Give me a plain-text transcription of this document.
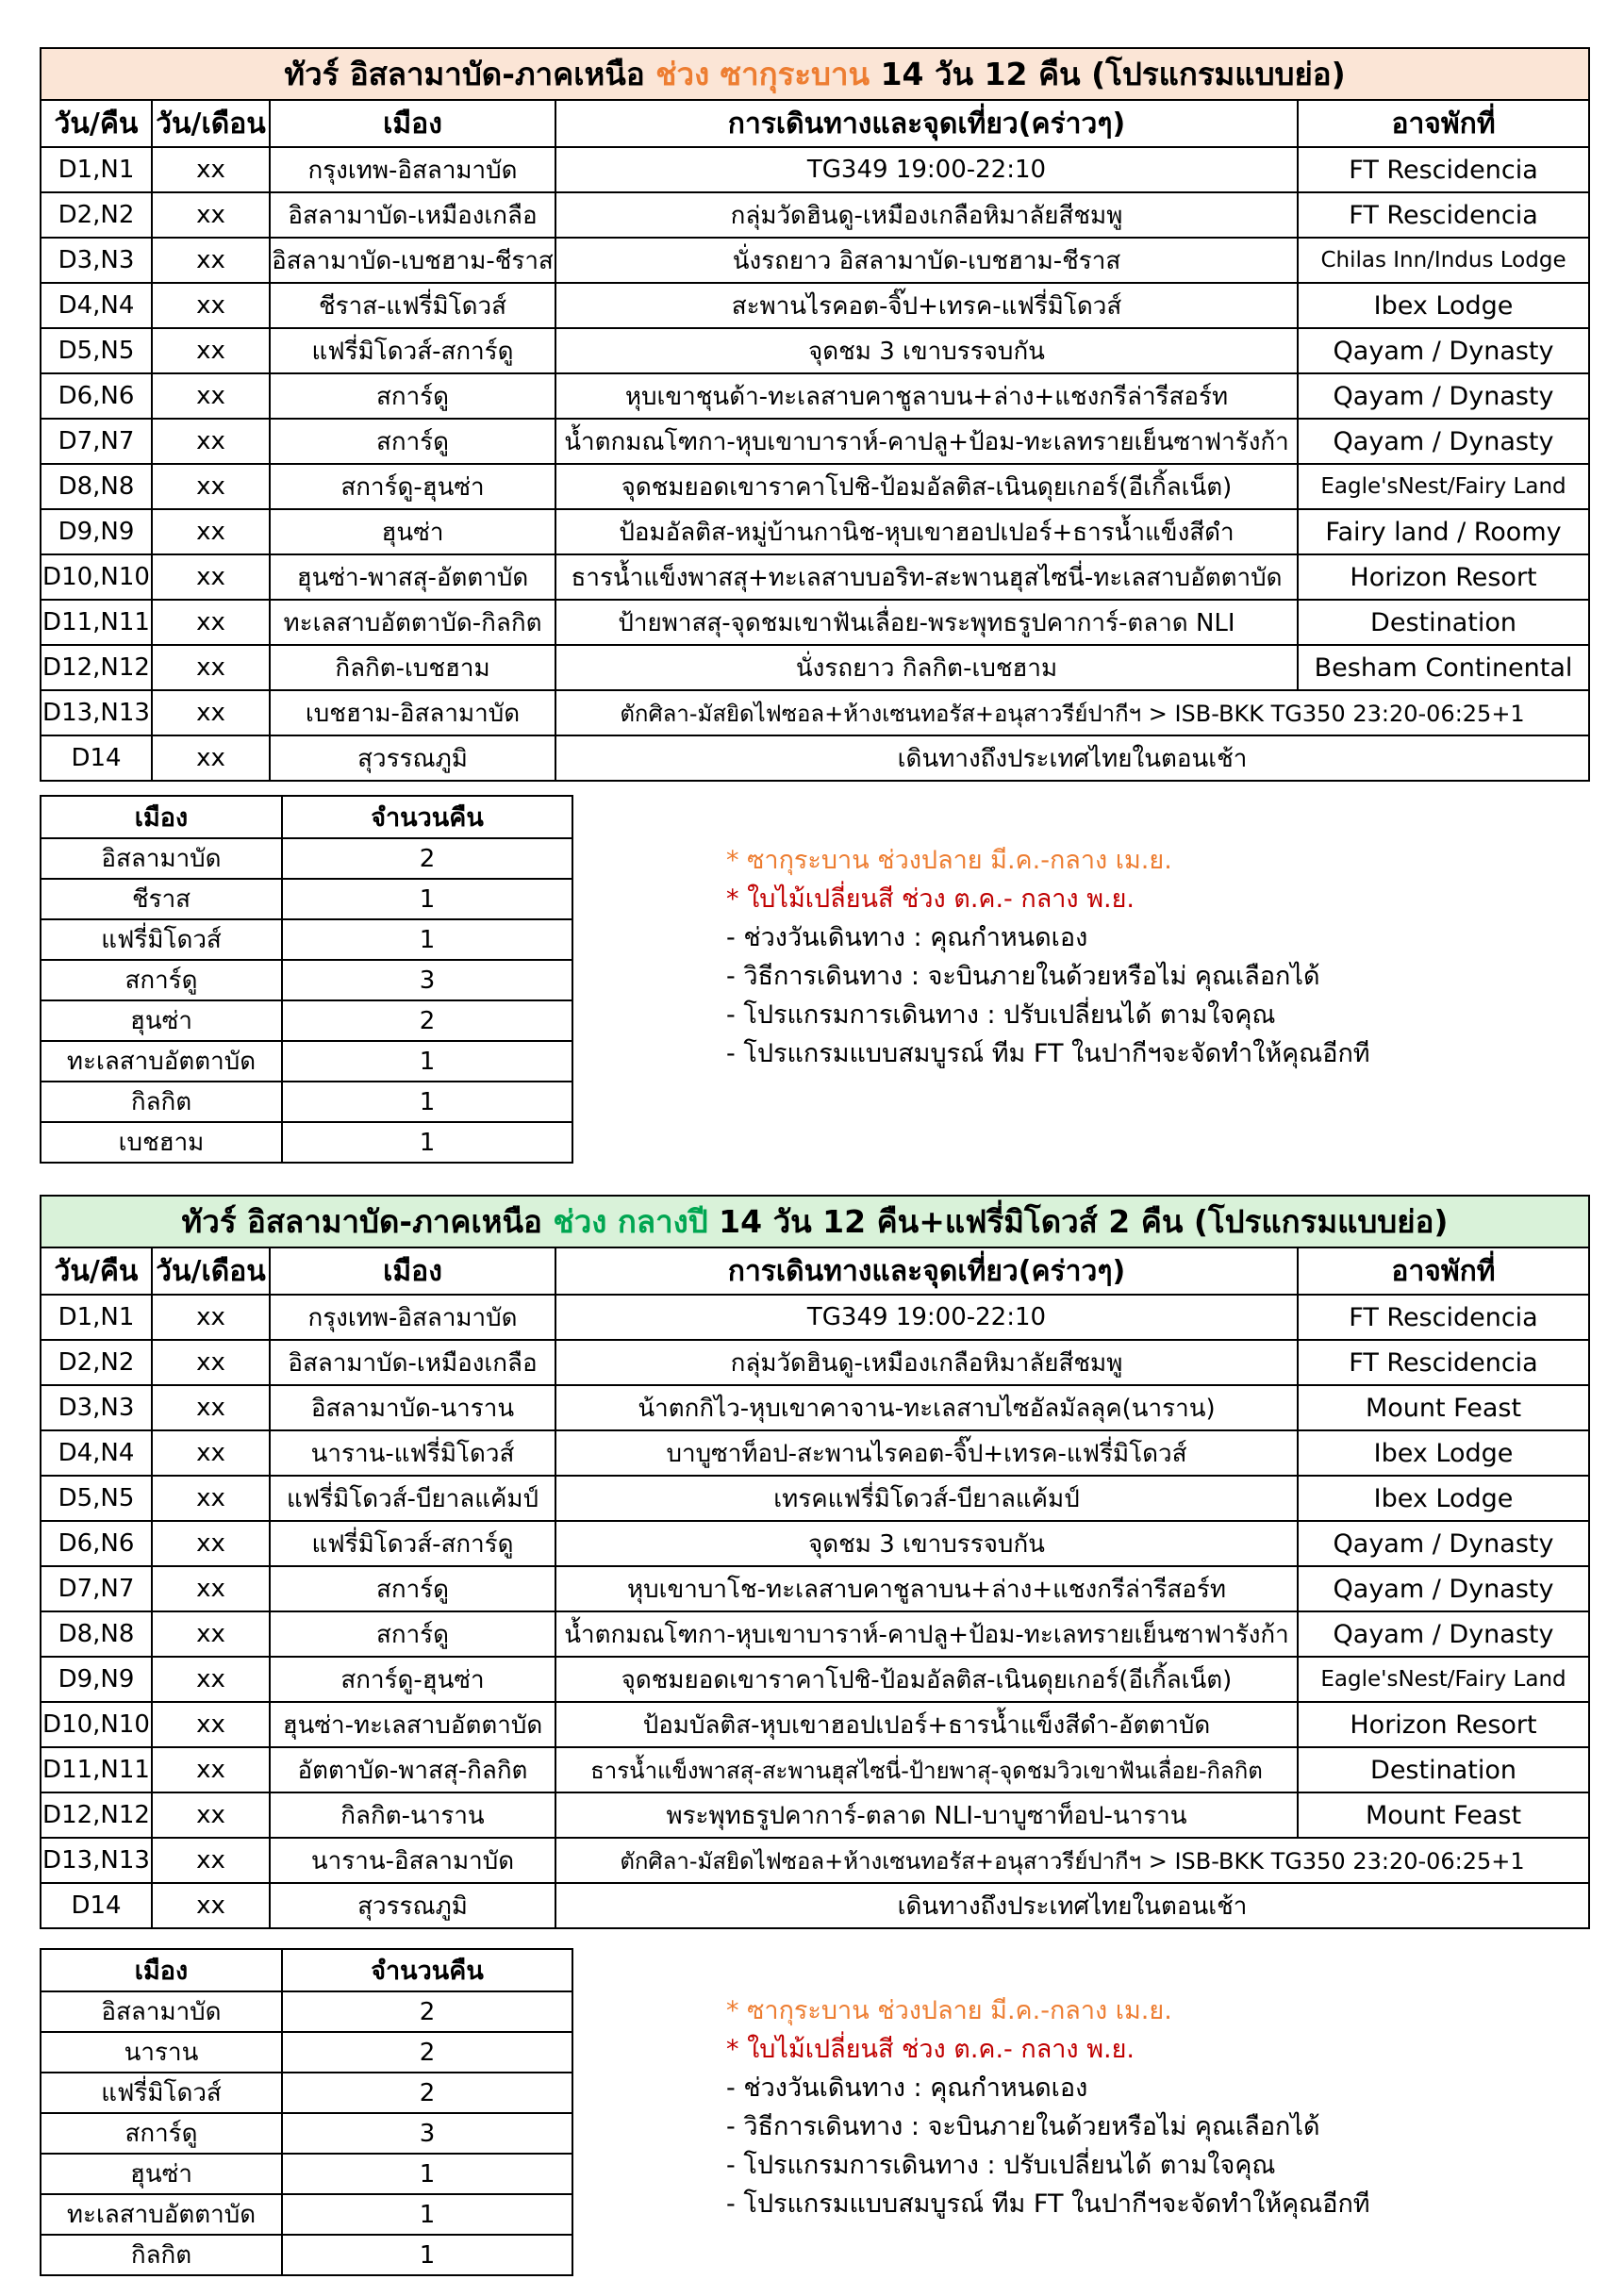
ทัวร์ อิสลามาบัด-ภาคเหนือ ช่วง ซากุระบาน 14 วัน 12 คืน (โปรแกรมแบบย่อ)				
วัน/คืน	วัน/เดือน	เมือง	การเดินทางและจุดเที่ยว(คร่าวๆ)	อาจพักที่
D1,N1	xx	กรุงเทพ-อิสลามาบัด	TG349 19:00-22:10	FT Rescidencia
D2,N2	xx	อิสลามาบัด-เหมืองเกลือ	กลุ่มวัดฮินดู-เหมืองเกลือหิมาลัยสีชมพู	FT Rescidencia
D3,N3	xx	อิสลามาบัด-เบชฮาม-ชีราส	นั่งรถยาว อิสลามาบัด-เบชฮาม-ชีราส	Chilas Inn/Indus Lodge
D4,N4	xx	ชีราส-แฟรี่มิโดวส์	สะพานไรคอต-จิ๊ป+เทรค-แฟรี่มิโดวส์	Ibex Lodge
D5,N5	xx	แฟรี่มิโดวส์-สการ์ดู	จุดชม 3 เขาบรรจบกัน	Qayam / Dynasty
D6,N6	xx	สการ์ดู	หุบเขาชุนด้า-ทะเลสาบคาชูลาบน+ล่าง+แชงกรีล่ารีสอร์ท	Qayam / Dynasty
D7,N7	xx	สการ์ดู	น้ำตกมณโฑกา-หุบเขาบาราห์-คาปลู+ป้อม-ทะเลทรายเย็นซาฟารังก้า	Qayam / Dynasty
D8,N8	xx	สการ์ดู-ฮุนซ่า	จุดชมยอดเขาราคาโปชิ-ป้อมอัลติส-เนินดุยเกอร์(อีเกิ้ลเน็ต)	Eagle'sNest/Fairy Land
D9,N9	xx	ฮุนซ่า	ป้อมอัลติส-หมู่บ้านกานิช-หุบเขาฮอปเปอร์+ธารน้ำแข็งสีดำ	Fairy land / Roomy
D10,N10	xx	ฮุนซ่า-พาสสุ-อัตตาบัด	ธารน้ำแข็งพาสสุ+ทะเลสาบบอริท-สะพานฮุสไซนี่-ทะเลสาบอัตตาบัด	Horizon Resort
D11,N11	xx	ทะเลสาบอัตตาบัด-กิลกิต	ป้ายพาสสุ-จุดชมเขาฟันเลื่อย-พระพุทธรูปคาการ์-ตลาด NLI	Destination
D12,N12	xx	กิลกิต-เบชฮาม	นั่งรถยาว กิลกิต-เบชฮาม	Besham Continental
D13,N13	xx	เบชฮาม-อิสลามาบัด	ตักศิลา-มัสยิดไฟซอล+ห้างเซนทอรัส+อนุสาวรีย์ปากีฯ > ISB-BKK TG350 23:20-06:25+1	
D14	xx	สุวรรณภูมิ	เดินทางถึงประเทศไทยในตอนเช้า	
เมือง	จำนวนคืน
อิสลามาบัด	2
ชีราส	1
แฟรี่มิโดวส์	1
สการ์ดู	3
ฮุนซ่า	2
ทะเลสาบอัตตาบัด	1
กิลกิต	1
เบชฮาม	1
* ซากุระบาน ช่วงปลาย มี.ค.-กลาง เม.ย.
* ใบไม้เปลี่ยนสี ช่วง ต.ค.- กลาง พ.ย.
- ช่วงวันเดินทาง : คุณกำหนดเอง
- วิธีการเดินทาง : จะบินภายในด้วยหรือไม่ คุณเลือกได้
- โปรแกรมการเดินทาง : ปรับเปลี่ยนได้ ตามใจคุณ
- โปรแกรมแบบสมบูรณ์ ทีม FT ในปากีฯจะจัดทำให้คุณอีกที
ทัวร์ อิสลามาบัด-ภาคเหนือ ช่วง กลางปี 14 วัน 12 คืน+แฟรี่มิโดวส์ 2 คืน (โปรแกรมแบบย่อ)				
วัน/คืน	วัน/เดือน	เมือง	การเดินทางและจุดเที่ยว(คร่าวๆ)	อาจพักที่
D1,N1	xx	กรุงเทพ-อิสลามาบัด	TG349 19:00-22:10	FT Rescidencia
D2,N2	xx	อิสลามาบัด-เหมืองเกลือ	กลุ่มวัดฮินดู-เหมืองเกลือหิมาลัยสีชมพู	FT Rescidencia
D3,N3	xx	อิสลามาบัด-นาราน	น้าตกกิไว-หุบเขาคาจาน-ทะเลสาบไซอัลมัลลุค(นาราน)	Mount Feast
D4,N4	xx	นาราน-แฟรี่มิโดวส์	บาบูซาท็อป-สะพานไรคอต-จิ๊ป+เทรค-แฟรี่มิโดวส์	Ibex Lodge
D5,N5	xx	แฟรี่มิโดวส์-บียาลแค้มป์	เทรคแฟรี่มิโดวส์-บียาลแค้มป์	Ibex Lodge
D6,N6	xx	แฟรี่มิโดวส์-สการ์ดู	จุดชม 3 เขาบรรจบกัน	Qayam / Dynasty
D7,N7	xx	สการ์ดู	หุบเขาบาโช-ทะเลสาบคาชูลาบน+ล่าง+แชงกรีล่ารีสอร์ท	Qayam / Dynasty
D8,N8	xx	สการ์ดู	น้ำตกมณโฑกา-หุบเขาบาราห์-คาปลู+ป้อม-ทะเลทรายเย็นซาฟารังก้า	Qayam / Dynasty
D9,N9	xx	สการ์ดู-ฮุนซ่า	จุดชมยอดเขาราคาโปชิ-ป้อมอัลติส-เนินดุยเกอร์(อีเกิ้ลเน็ต)	Eagle'sNest/Fairy Land
D10,N10	xx	ฮุนซ่า-ทะเลสาบอัตตาบัด	ป้อมบัลติส-หุบเขาฮอปเปอร์+ธารน้ำแข็งสีดำ-อัตตาบัด	Horizon Resort
D11,N11	xx	อัตตาบัด-พาสสุ-กิลกิต	ธารน้ำแข็งพาสสุ-สะพานฮุสไซนี่-ป้ายพาสุ-จุดชมวิวเขาฟันเลื่อย-กิลกิต	Destination
D12,N12	xx	กิลกิต-นาราน	พระพุทธรูปคาการ์-ตลาด NLI-บาบูซาท็อป-นาราน	Mount Feast
D13,N13	xx	นาราน-อิสลามาบัด	ตักศิลา-มัสยิดไฟซอล+ห้างเซนทอรัส+อนุสาวรีย์ปากีฯ > ISB-BKK TG350 23:20-06:25+1	
D14	xx	สุวรรณภูมิ	เดินทางถึงประเทศไทยในตอนเช้า	
เมือง	จำนวนคืน
อิสลามาบัด	2
นาราน	2
แฟรี่มิโดวส์	2
สการ์ดู	3
ฮุนซ่า	1
ทะเลสาบอัตตาบัด	1
กิลกิต	1
* ซากุระบาน ช่วงปลาย มี.ค.-กลาง เม.ย.
* ใบไม้เปลี่ยนสี ช่วง ต.ค.- กลาง พ.ย.
- ช่วงวันเดินทาง : คุณกำหนดเอง
- วิธีการเดินทาง : จะบินภายในด้วยหรือไม่ คุณเลือกได้
- โปรแกรมการเดินทาง : ปรับเปลี่ยนได้ ตามใจคุณ
- โปรแกรมแบบสมบูรณ์ ทีม FT ในปากีฯจะจัดทำให้คุณอีกที
